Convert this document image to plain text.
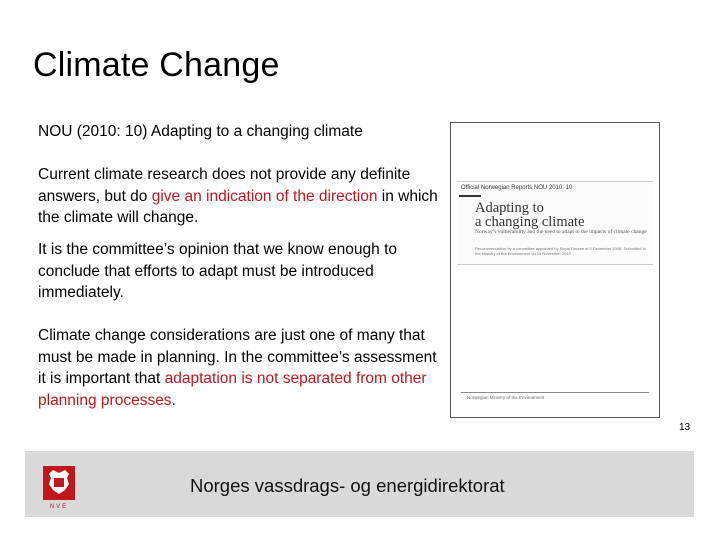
Climate Change
NOU (2010: 10) Adapting to a changing climate
Current climate research does not provide any definite answers, but do give an indication of the direction in which the climate will change.
It is the committee’s opinion that we know enough to conclude that efforts to adapt must be introduced immediately.
Climate change considerations are just one of many that must be made in planning. In the committee’s assessment it is important that adaptation is not separated from other planning processes.
Official Norwegian Reports NOU 2010: 10
Adapting to
a changing climate
Norway’s vulnerability and the need to adapt to the impacts of climate change
Recommendation by a committee appointed by Royal Decree of 5 December 2008. Submitted to the Ministry of the Environment on 15 November 2010.
Norwegian Ministry of the Environment
13
NVE
Norges vassdrags- og energidirektorat
